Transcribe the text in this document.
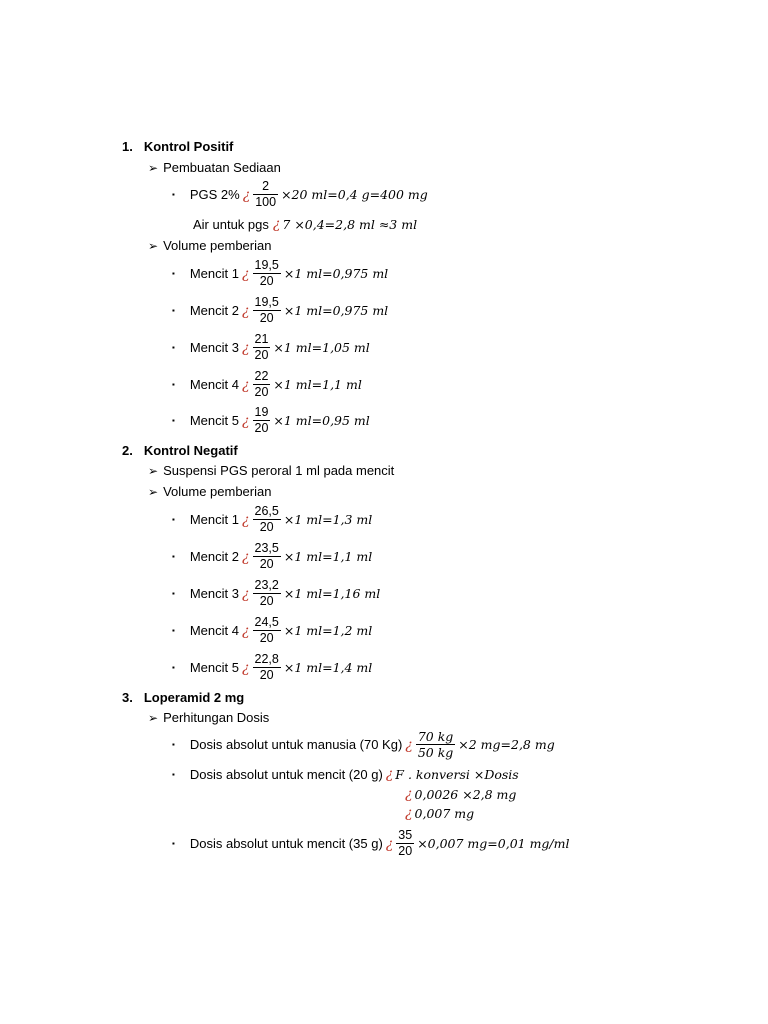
1. Kontrol Positif
➢ Pembuatan Sediaan
▪ PGS 2% ¿ $\frac{2}{100} \times 20$ ml=0,4 g=400 mg
Air untuk pgs ¿ 7 ×0,4=2,8 ml ≈3 ml
➢ Volume pemberian
▪ Mencit 1 ¿ $\frac{19,5}{20} \times 1$ ml=0,975 ml
▪ Mencit 2 ¿ $\frac{19,5}{20} \times 1$ ml=0,975 ml
▪ Mencit 3 ¿ $\frac{21}{20} \times 1$ ml=1,05 ml
▪ Mencit 4 ¿ $\frac{22}{20} \times 1$ ml=1,1 ml
▪ Mencit 5 ¿ $\frac{19}{20} \times 1$ ml=0,95 ml
2. Kontrol Negatif
➢ Suspensi PGS peroral 1 ml pada mencit
➢ Volume pemberian
▪ Mencit 1 ¿ $\frac{26,5}{20} \times 1$ ml=1,3 ml
▪ Mencit 2 ¿ $\frac{23,5}{20} \times 1$ ml=1,1 ml
▪ Mencit 3 ¿ $\frac{23,2}{20} \times 1$ ml=1,16 ml
▪ Mencit 4 ¿ $\frac{24,5}{20} \times 1$ ml=1,2 ml
▪ Mencit 5 ¿ $\frac{22,8}{20} \times 1$ ml=1,4 ml
3. Loperamid 2 mg
➢ Perhitungan Dosis
▪ Dosis absolut untuk manusia (70 Kg) ¿ $\frac{70 kg}{50 kg} \times 2$ mg=2,8 mg
▪ Dosis absolut untuk mencit (20 g) ¿ F . konversi ×Dosis
¿ 0,0026 ×2,8 mg
¿ 0,007 mg
▪ Dosis absolut untuk mencit (35 g) ¿ $\frac{35}{20} \times 0,007$ mg=0,01 mg/ml
